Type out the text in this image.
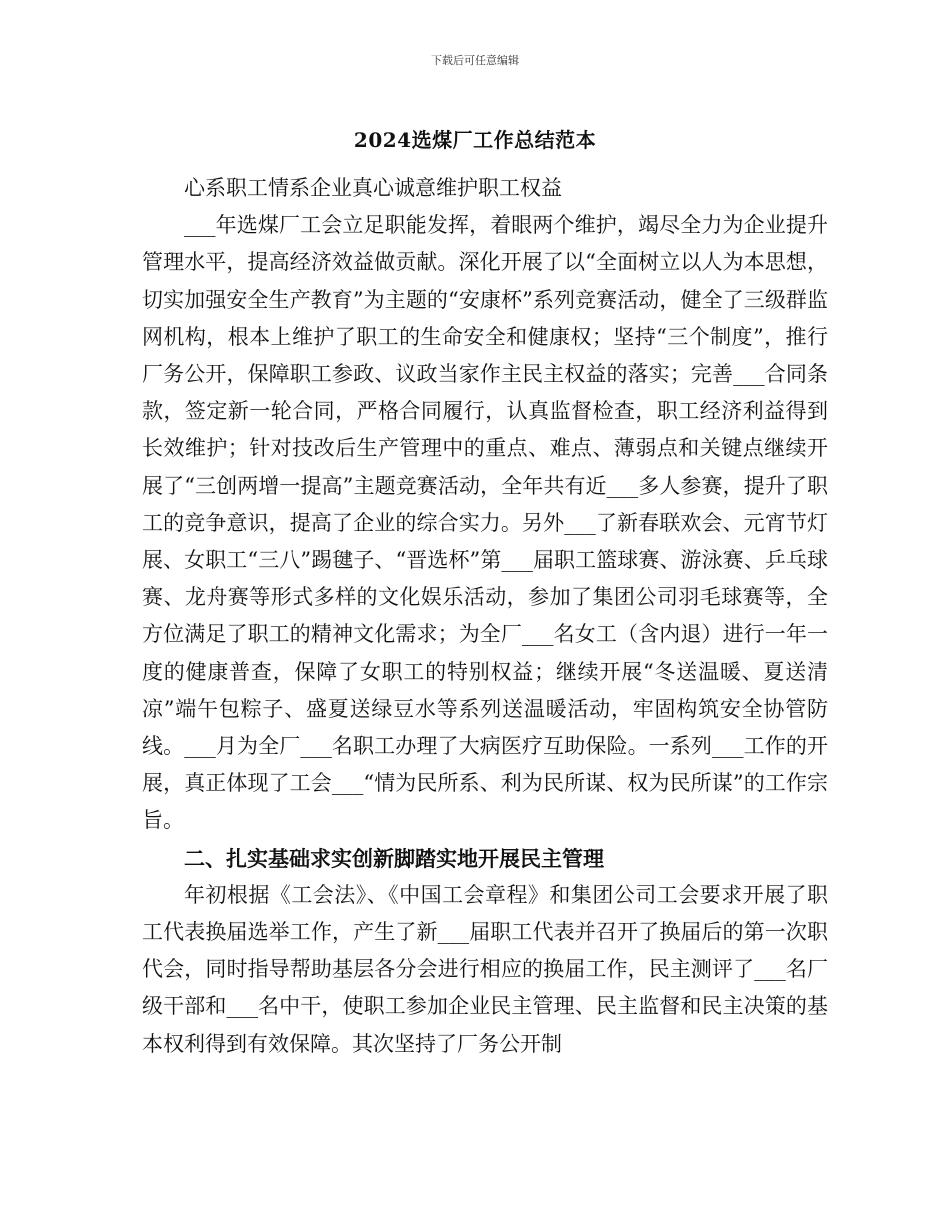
下载后可任意编辑
2024选煤厂工作总结范本

心系职工情系企业真心诚意维护职工权益

___年选煤厂工会立足职能发挥，着眼两个维护，竭尽全力为企业提升管理水平，提高经济效益做贡献。深化开展了以“全面树立以人为本思想，切实加强安全生产教育”为主题的“安康杯”系列竞赛活动，健全了三级群监网机构，根本上维护了职工的生命安全和健康权；坚持“三个制度”，推行厂务公开，保障职工参政、议政当家作主民主权益的落实；完善___合同条款，签定新一轮合同，严格合同履行，认真监督检查，职工经济利益得到长效维护；针对技改后生产管理中的重点、难点、薄弱点和关键点继续开展了“三创两增一提高”主题竞赛活动，全年共有近___多人参赛，提升了职工的竞争意识，提高了企业的综合实力。另外___了新春联欢会、元宵节灯展、女职工“三八”踢毽子、“晋选杯”第___届职工篮球赛、游泳赛、乒乓球赛、龙舟赛等形式多样的文化娱乐活动，参加了集团公司羽毛球赛等，全方位满足了职工的精神文化需求；为全厂___名女工（含内退）进行一年一度的健康普查，保障了女职工的特别权益；继续开展“冬送温暖、夏送清凉”端午包粽子、盛夏送绿豆水等系列送温暖活动，牢固构筑安全协管防线。___月为全厂___名职工办理了大病医疗互助保险。一系列___工作的开展，真正体现了工会___“情为民所系、利为民所谋、权为民所谋”的工作宗旨。

二、扎实基础求实创新脚踏实地开展民主管理

年初根据《工会法》、《中国工会章程》和集团公司工会要求开展了职工代表换届选举工作，产生了新___届职工代表并召开了换届后的第一次职代会，同时指导帮助基层各分会进行相应的换届工作，民主测评了___名厂级干部和___名中干，使职工参加企业民主管理、民主监督和民主决策的基本权利得到有效保障。其次坚持了厂务公开制
